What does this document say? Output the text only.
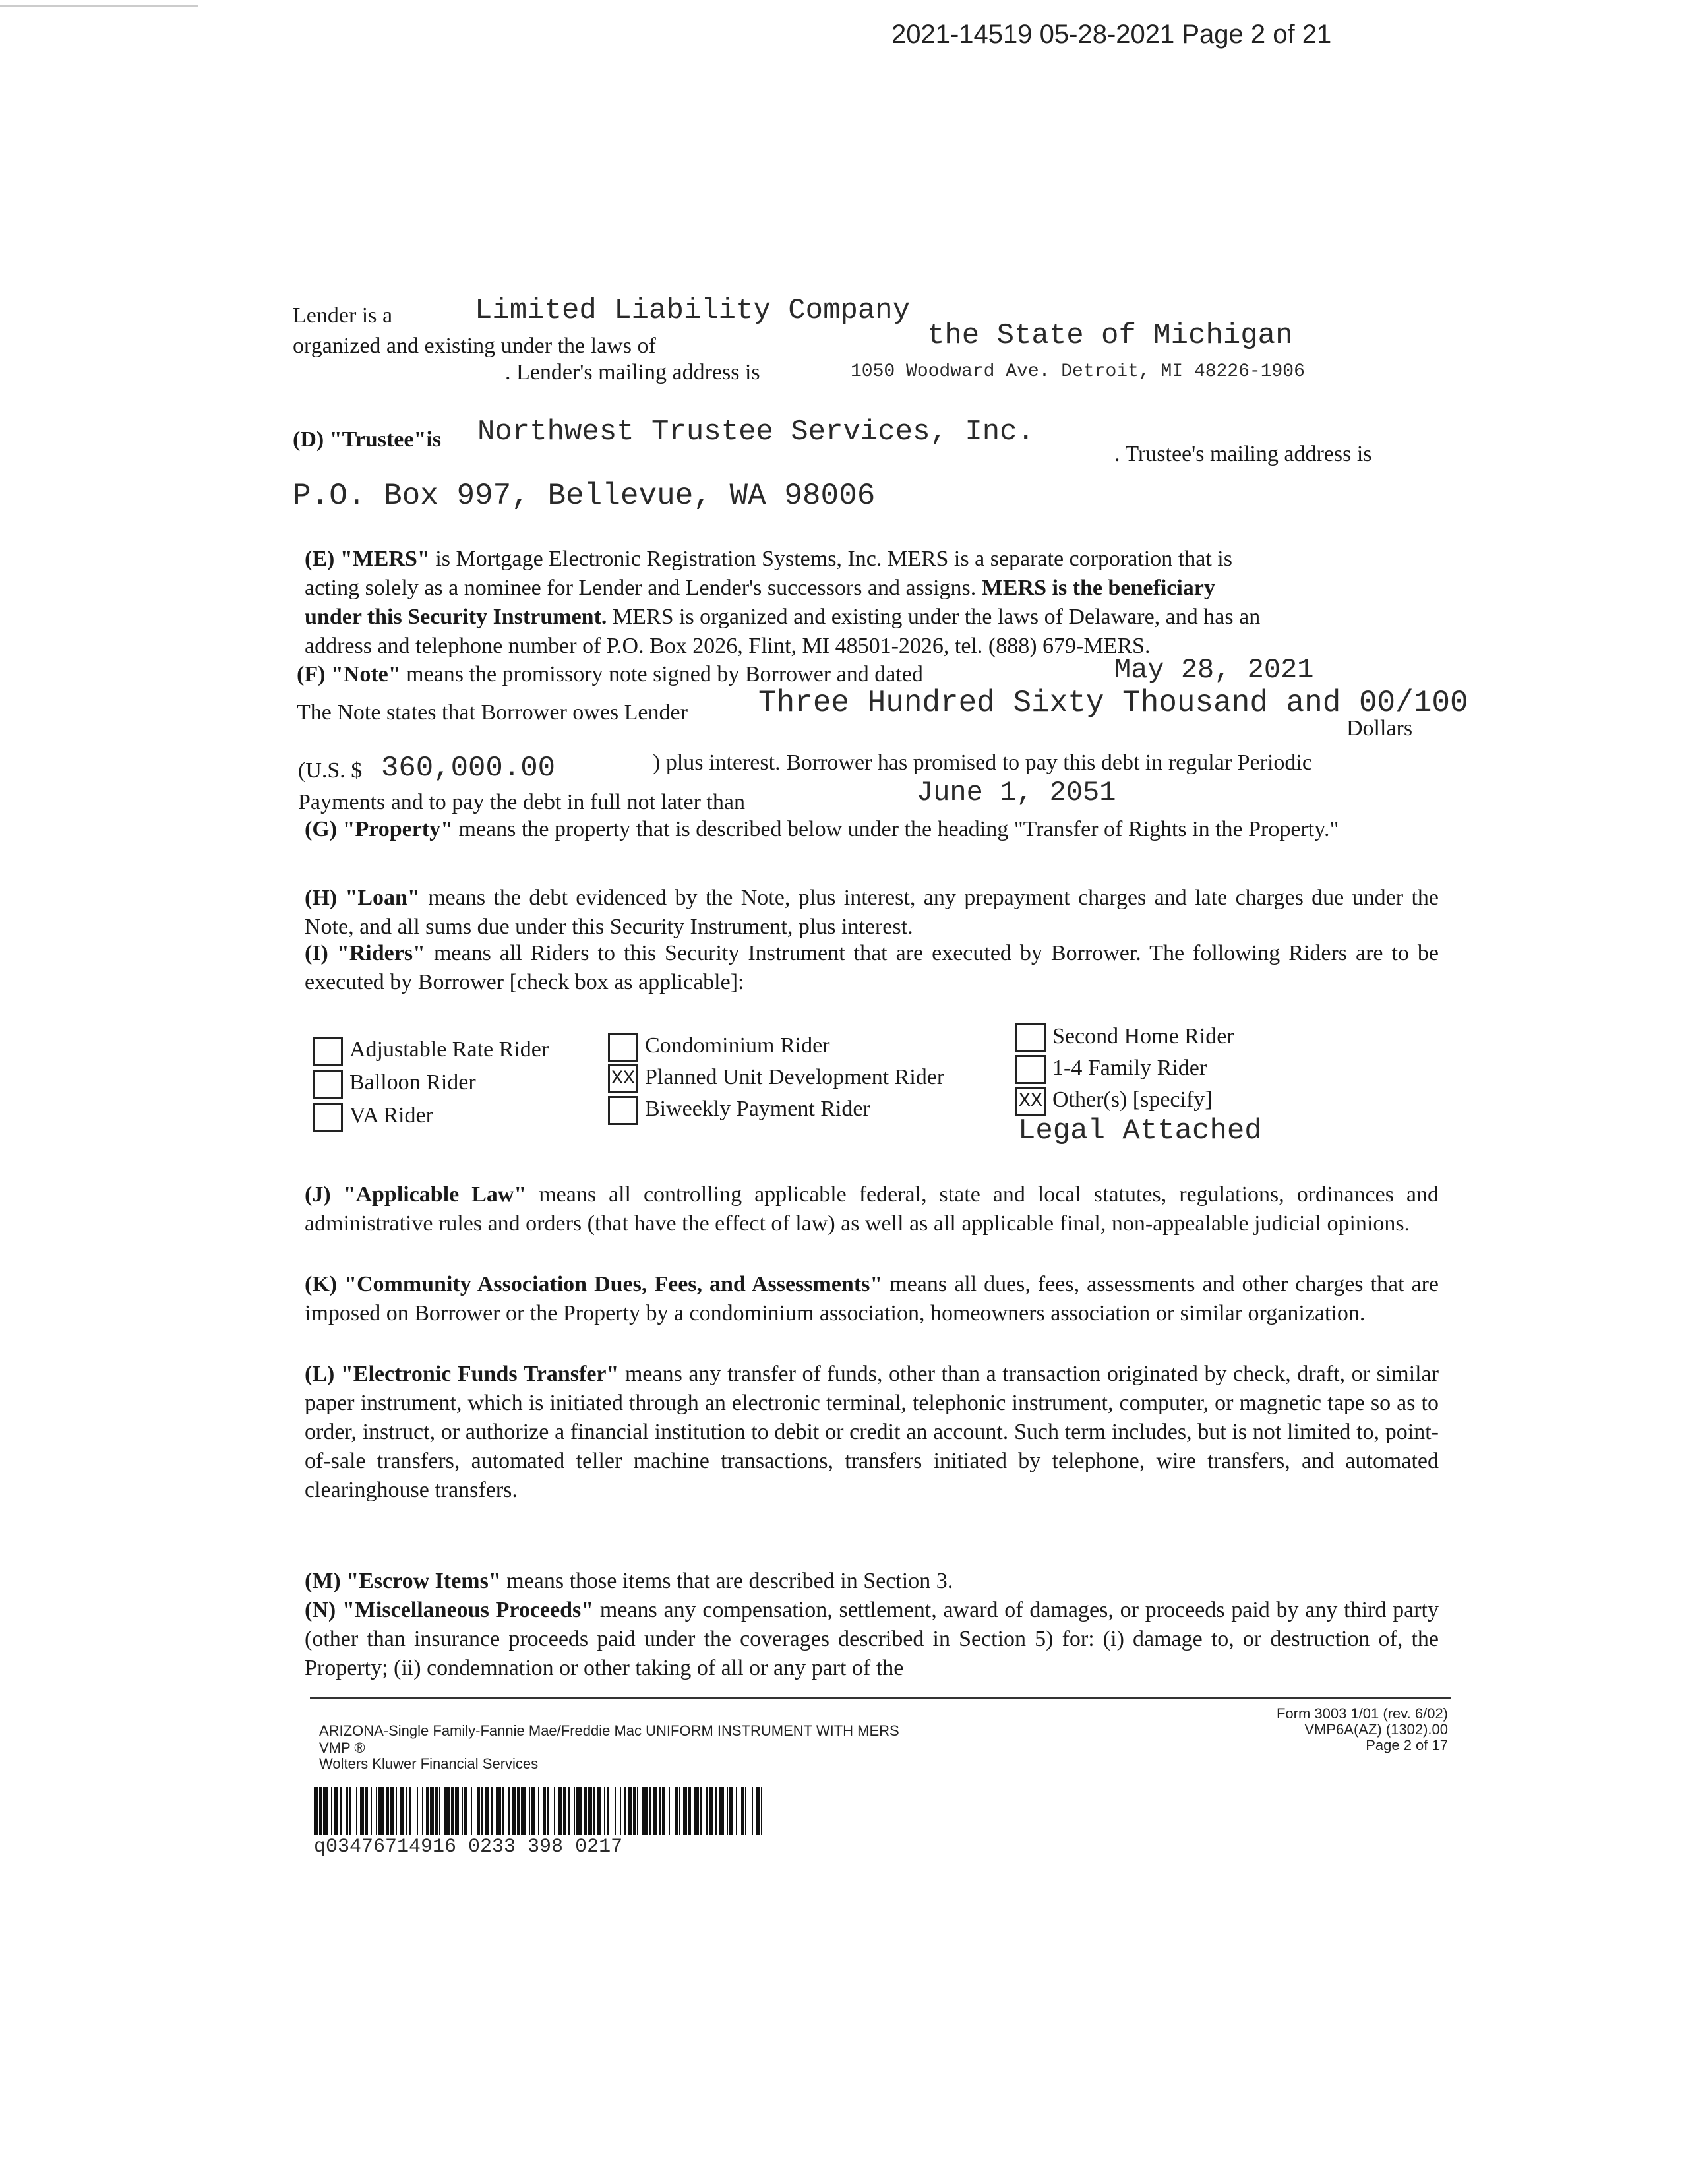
2021-14519 05-28-2021 Page 2 of 21
Lender is a	Limited Liability Company
organized and existing under the laws of	the State of Michigan
. Lender's mailing address is	1050 Woodward Ave. Detroit, MI 48226-1906
(D) "Trustee"is Northwest Trustee Services, Inc.
. Trustee's mailing address is
P.O. Box 997, Bellevue, WA 98006
(E) "MERS" is Mortgage Electronic Registration Systems, Inc. MERS is a separate corporation that is
acting solely as a nominee for Lender and Lender's successors and assigns. MERS is the beneficiary
under this Security Instrument. MERS is organized and existing under the laws of Delaware, and has an
address and telephone number of P.O. Box 2026, Flint, MI 48501-2026, tel. (888) 679-MERS.
(F) "Note" means the promissory note signed by Borrower and dated	May 28, 2021
The Note states that Borrower owes Lender Three Hundred Sixty Thousand and 00/100
Dollars
(U.S. $ 360,000.00	) plus interest. Borrower has promised to pay this debt in regular Periodic
Payments and to pay the debt in full not later than	June 1, 2051
(G) "Property" means the property that is described below under the heading "Transfer of Rights in the Property."
(H) "Loan" means the debt evidenced by the Note, plus interest, any prepayment charges and late charges due under the Note, and all sums due under this Security Instrument, plus interest.
(I) "Riders" means all Riders to this Security Instrument that are executed by Borrower. The following Riders are to be executed by Borrower [check box as applicable]:
Adjustable Rate Rider
Balloon Rider
VA Rider
Condominium Rider
XX Planned Unit Development Rider
Biweekly Payment Rider
Second Home Rider
1-4 Family Rider
XX Other(s) [specify]
Legal Attached
(J) "Applicable Law" means all controlling applicable federal, state and local statutes, regulations, ordinances and administrative rules and orders (that have the effect of law) as well as all applicable final, non-appealable judicial opinions.
(K) "Community Association Dues, Fees, and Assessments" means all dues, fees, assessments and other charges that are imposed on Borrower or the Property by a condominium association, homeowners association or similar organization.
(L) "Electronic Funds Transfer" means any transfer of funds, other than a transaction originated by check, draft, or similar paper instrument, which is initiated through an electronic terminal, telephonic instrument, computer, or magnetic tape so as to order, instruct, or authorize a financial institution to debit or credit an account. Such term includes, but is not limited to, point-of-sale transfers, automated teller machine transactions, transfers initiated by telephone, wire transfers, and automated clearinghouse transfers.
(M) "Escrow Items" means those items that are described in Section 3.
(N) "Miscellaneous Proceeds" means any compensation, settlement, award of damages, or proceeds paid by any third party (other than insurance proceeds paid under the coverages described in Section 5) for: (i) damage to, or destruction of, the Property; (ii) condemnation or other taking of all or any part of the
ARIZONA-Single Family-Fannie Mae/Freddie Mac UNIFORM INSTRUMENT WITH MERS
VMP ®
Wolters Kluwer Financial Services
Form 3003 1/01 (rev. 6/02)
VMP6A(AZ) (1302).00
Page 2 of 17
q03476714916 0233 398 0217
